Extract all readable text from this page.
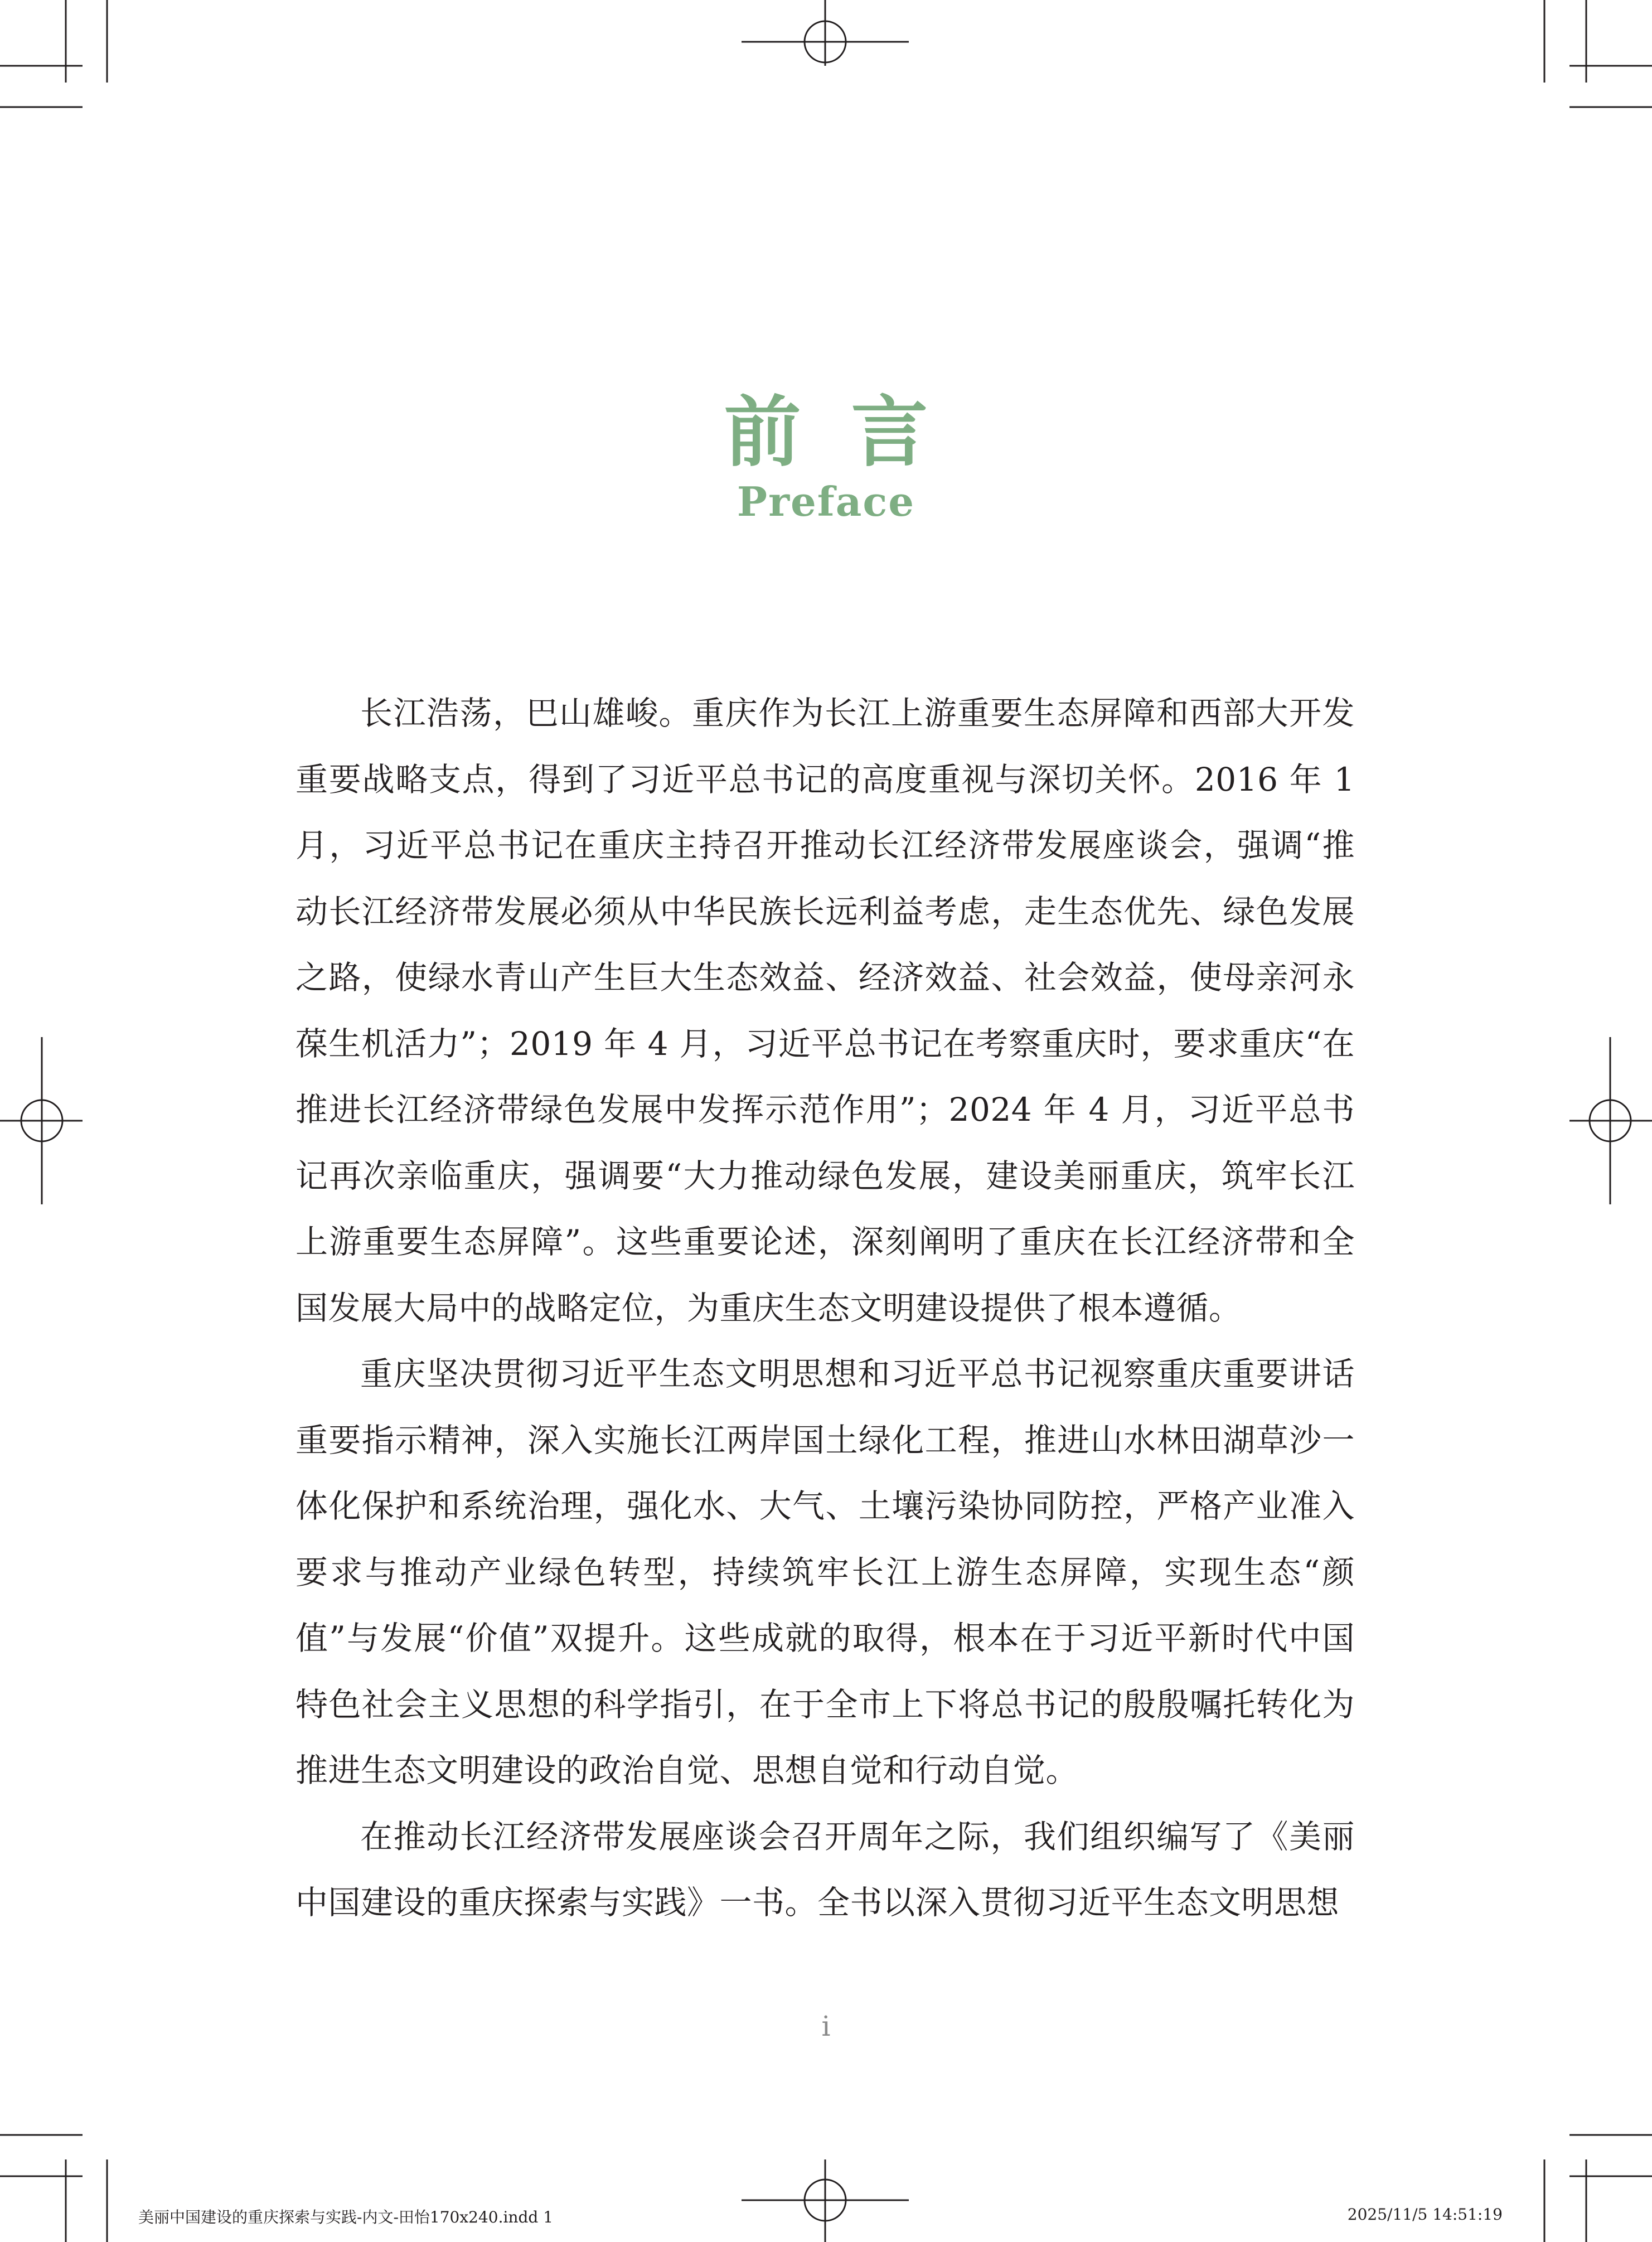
前言
Preface

长江浩荡，巴山雄峻。重庆作为长江上游重要生态屏障和西部大开发重要战略支点，得到了习近平总书记的高度重视与深切关怀。2016 年 1 月，习近平总书记在重庆主持召开推动长江经济带发展座谈会，强调“推动长江经济带发展必须从中华民族长远利益考虑，走生态优先、绿色发展之路，使绿水青山产生巨大生态效益、经济效益、社会效益，使母亲河永葆生机活力”；2019 年 4 月，习近平总书记在考察重庆时，要求重庆“在推进长江经济带绿色发展中发挥示范作用”；2024 年 4 月，习近平总书记再次亲临重庆，强调要“大力推动绿色发展，建设美丽重庆，筑牢长江上游重要生态屏障”。这些重要论述，深刻阐明了重庆在长江经济带和全国发展大局中的战略定位，为重庆生态文明建设提供了根本遵循。

重庆坚决贯彻习近平生态文明思想和习近平总书记视察重庆重要讲话重要指示精神，深入实施长江两岸国土绿化工程，推进山水林田湖草沙一体化保护和系统治理，强化水、大气、土壤污染协同防控，严格产业准入要求与推动产业绿色转型，持续筑牢长江上游生态屏障，实现生态“颜值”与发展“价值”双提升。这些成就的取得，根本在于习近平新时代中国特色社会主义思想的科学指引，在于全市上下将总书记的殷殷嘱托转化为推进生态文明建设的政治自觉、思想自觉和行动自觉。

在推动长江经济带发展座谈会召开周年之际，我们组织编写了《美丽中国建设的重庆探索与实践》一书。全书以深入贯彻习近平生态文明思想

i
美丽中国建设的重庆探索与实践-内文-田怡170x240.indd 1	2025/11/5 14:51:19
